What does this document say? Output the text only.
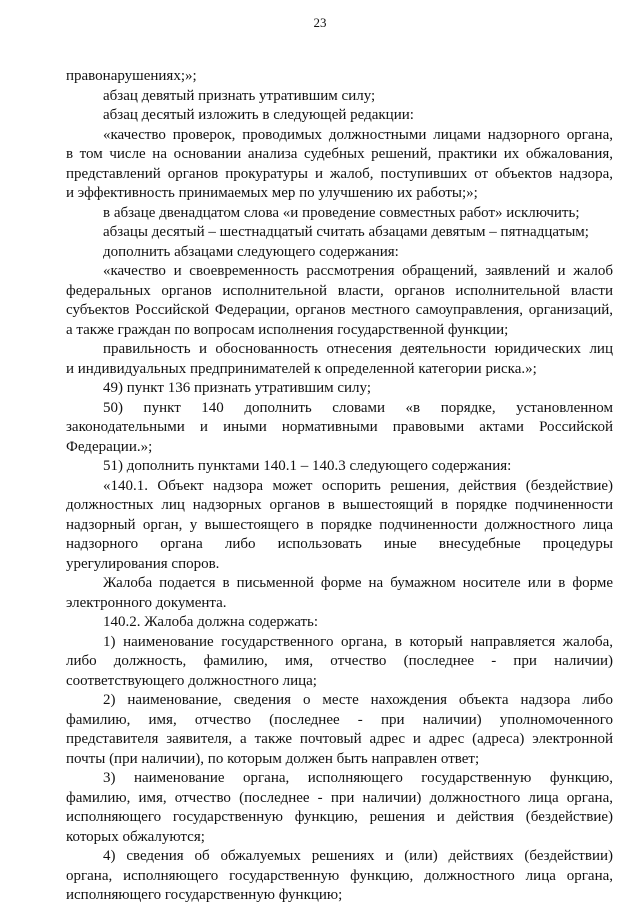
23
правонарушениях;»;
абзац девятый признать утратившим силу;
абзац десятый изложить в следующей редакции:
«качество проверок, проводимых должностными лицами надзорного органа,
в том числе на основании анализа судебных решений, практики их обжалования,
представлений органов прокуратуры и жалоб, поступивших от объектов надзора,
и эффективность принимаемых мер по улучшению их работы;»;
в абзаце двенадцатом слова «и проведение совместных работ» исключить;
абзацы десятый – шестнадцатый считать абзацами девятым – пятнадцатым;
дополнить абзацами следующего содержания:
«качество и своевременность рассмотрения обращений, заявлений и жалоб
федеральных органов исполнительной власти, органов исполнительной власти
субъектов Российской Федерации, органов местного самоуправления, организаций,
а также граждан по вопросам исполнения государственной функции;
правильность и обоснованность отнесения деятельности юридических лиц
и индивидуальных предпринимателей к определенной категории риска.»;
49) пункт 136 признать утратившим силу;
50) пункт 140 дополнить словами «в порядке, установленном
законодательными и иными нормативными правовыми актами Российской
Федерации.»;
51) дополнить пунктами 140.1 – 140.3 следующего содержания:
«140.1. Объект надзора может оспорить решения, действия (бездействие)
должностных лиц надзорных органов в вышестоящий в порядке подчиненности
надзорный орган, у вышестоящего в порядке подчиненности должностного лица
надзорного органа либо использовать иные внесудебные процедуры
урегулирования споров.
Жалоба подается в письменной форме на бумажном носителе или в форме
электронного документа.
140.2. Жалоба должна содержать:
1) наименование государственного органа, в который направляется жалоба,
либо должность, фамилию, имя, отчество (последнее - при наличии)
соответствующего должностного лица;
2) наименование, сведения о месте нахождения объекта надзора либо
фамилию, имя, отчество (последнее - при наличии) уполномоченного
представителя заявителя, а также почтовый адрес и адрес (адреса) электронной
почты (при наличии), по которым должен быть направлен ответ;
3) наименование органа, исполняющего государственную функцию,
фамилию, имя, отчество (последнее - при наличии) должностного лица органа,
исполняющего государственную функцию, решения и действия (бездействие)
которых обжалуются;
4) сведения об обжалуемых решениях и (или) действиях (бездействии)
органа, исполняющего государственную функцию, должностного лица органа,
исполняющего государственную функцию;
